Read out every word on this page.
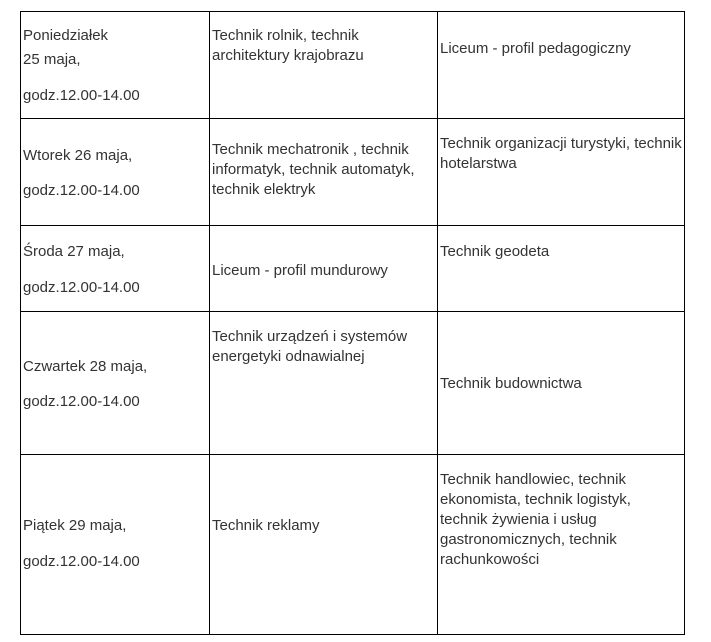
Poniedziałek
25 maja,
godz.12.00-14.00
Technik rolnik, technik architektury krajobrazu	Liceum - profil pedagogiczny
Wtorek 26 maja,
godz.12.00-14.00
Technik mechatronik , technik informatyk, technik automatyk, technik elektryk
Technik organizacji turystyki, technik hotelarstwa
Środa 27 maja,
godz.12.00-14.00
Liceum - profil mundurowy
Technik geodeta
Czwartek 28 maja,
godz.12.00-14.00
Technik urządzeń i systemów energetyki odnawialnej
Technik budownictwa
Piątek 29 maja,
godz.12.00-14.00
Technik reklamy
Technik handlowiec, technik ekonomista, technik logistyk, technik żywienia i usług gastronomicznych, technik rachunkowości
